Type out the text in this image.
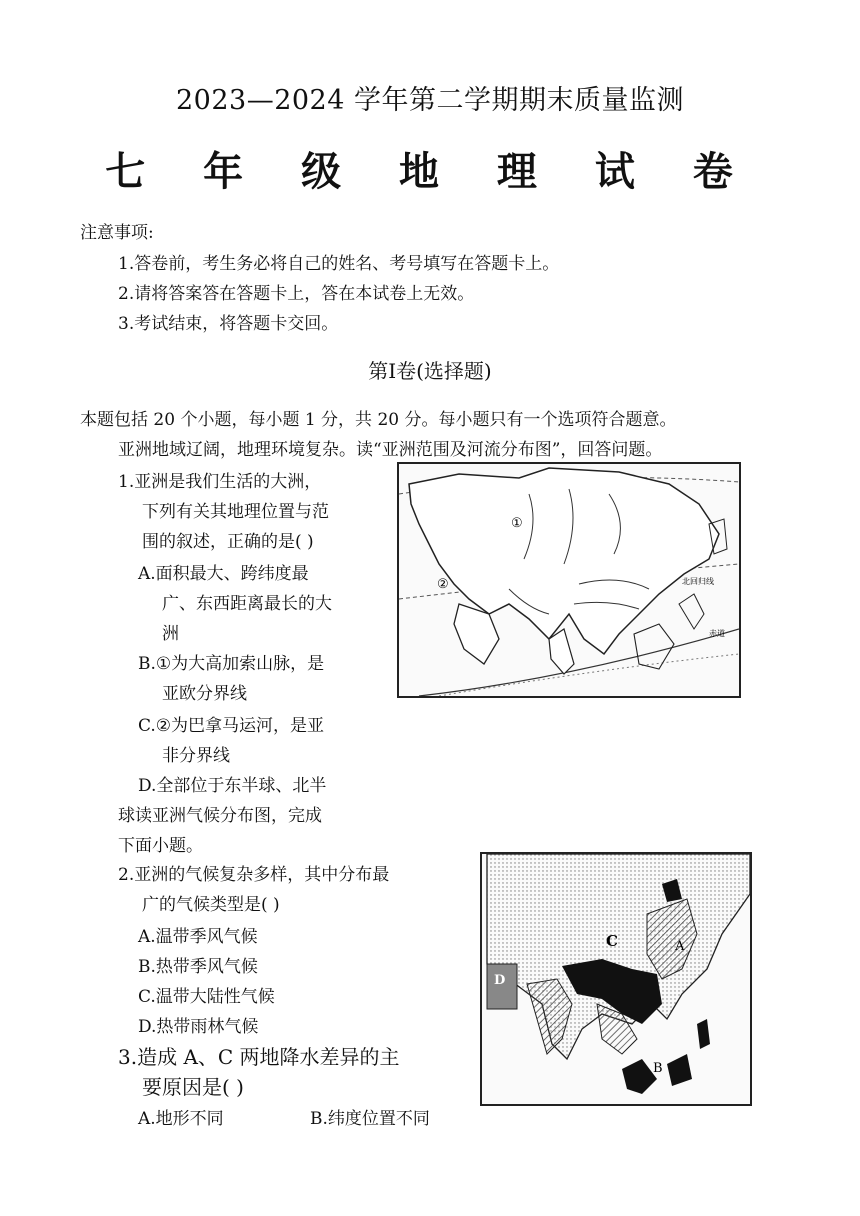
2023—2024 学年第二学期期末质量监测
七 年 级 地 理 试 卷
注意事项:
1.答卷前，考生务必将自己的姓名、考号填写在答题卡上。
2.请将答案答在答题卡上，答在本试卷上无效。
3.考试结束，将答题卡交回。
第Ⅰ卷(选择题)
本题包括 20 个小题，每小题 1 分，共 20 分。每小题只有一个选项符合题意。
亚洲地域辽阔，地理环境复杂。读“亚洲范围及河流分布图”，回答问题。
1.亚洲是我们生活的大洲，
下列有关其地理位置与范
围的叙述，正确的是( )
A.面积最大、跨纬度最
广、东西距离最长的大
洲
B.①为大高加索山脉，是
亚欧分界线
C.②为巴拿马运河，是亚
非分界线
D.全部位于东半球、北半
球读亚洲气候分布图，完成
下面小题。
①
②	北回归线
赤道
2.亚洲的气候复杂多样，其中分布最
广的气候类型是( )
A.温带季风气候
B.热带季风气候
C.温带大陆性气候
D.热带雨林气候
3.造成 A、C 两地降水差异的主
要原因是( )
A.地形不同	B.纬度位置不同
C	A
B
D
